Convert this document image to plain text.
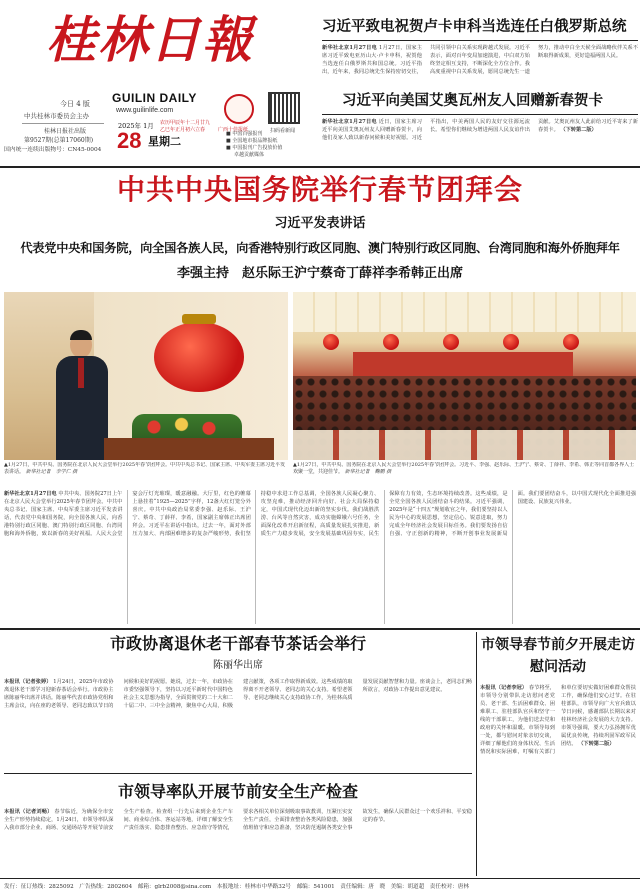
桂林日報
今日 4 版
中共桂林市委员会主办
桂林日报社出版
第9527期(总第17060期)
国内统一连续出版物号：CN45-0004
GUILIN DAILY
www.guilinlife.com
广西十佳报纸	扫码看新闻
2025年 1月
28 星期二
农历甲辰年十二月廿九
乙巳年正月初六立春
■ 中国百强报刊
■ 全国地市报品牌报纸
■ 中国报刊广告投放价值
卓越贡献媒体
习近平致电祝贺卢卡申科当选连任白俄罗斯总统
新华社北京1月27日电 1月27日，国家主席习近平致电亚历山大·卢卡申科，祝贺他当选连任白俄罗斯共和国总统。习近平指出，近年来，我同总统先生保持密切交往，共同引领中白关系实现跨越式发展。习近平表示，面对百年变局加速演进，中白双方始终坚定相互支持，不断深化全方位合作。我高度重视中白关系发展，愿同总统先生一道努力，推动中白全天候全面战略伙伴关系不断取得新成果，更好造福两国人民。
习近平向美国艾奥瓦州友人回赠新春贺卡
新华社北京1月27日电 近日，国家主席习近平向美国艾奥瓦州友人回赠新春贺卡，向他们及家人致以新春问候和美好祝愿。习近平指出，中美两国人民的友好交往源远流长。希望你们继续为增进两国人民友谊作出贡献。艾奥瓦州友人此前给习近平寄来了新春贺卡。 （下转第二版）
中共中央国务院举行春节团拜会
习近平发表讲话
代表党中央和国务院，向全国各族人民，向香港特别行政区同胞、澳门特别行政区同胞、台湾同胞和海外侨胞拜年
李强主持　赵乐际王沪宁蔡奇丁薛祥李希韩正出席
▲1月27日，中共中央、国务院在北京人民大会堂举行2025年春节团拜会。中共中央总书记、国家主席、中央军委主席习近平发表讲话。 新华社记者　李学仁 摄
▲1月27日，中共中央、国务院在北京人民大会堂举行2025年春节团拜会。习近平、李强、赵乐际、王沪宁、蔡奇、丁薛祥、李希、韩正等同首都各界人士欢聚一堂，共迎佳节。 新华社记者　鞠鹏 摄
新华社北京1月27日电 中共中央、国务院27日上午在北京人民大会堂举行2025年春节团拜会。中共中央总书记、国家主席、中央军委主席习近平发表讲话，代表党中央和国务院，向全国各族人民，向香港特别行政区同胞、澳门特别行政区同胞、台湾同胞和海外侨胞，致以新春的美好祝福。人民大会堂宴会厅灯光璀璨，暖意融融。大厅里，红色的帷幕上悬挂着“1925—2025”字样，12盏大红灯笼分外喜庆。中共中央政治局常委李强、赵乐际、王沪宁、蔡奇、丁薛祥、李希，国家副主席韩正出席团拜会。习近平在讲话中指出，过去一年，面对外部压力加大、内部困难增多的复杂严峻形势，我们坚持稳中求进工作总基调，全国各族人民凝心聚力、攻坚克难，推动经济回升向好、社会大局保持稳定，中国式现代化迈出新的坚实步伐。我们战胜洪涝、台风等自然灾害，成功实施嫦娥六号任务，全面深化改革开启新征程，高质量发展扎实推进，新质生产力稳步发展，安全发展基础巩固夯实，民生保障有力有效，生态环境持续改善。这些成绩，是全党全国各族人民团结奋斗的结果。习近平强调，2025年是“十四五”规划收官之年，我们要坚持以人民为中心的发展思想，坚定信心、锐意进取，努力完成全年经济社会发展目标任务。我们要发扬自信自强、守正创新的精神，不断开创事业发展新局面。我们要团结奋斗，以中国式现代化全面推进强国建设、民族复兴伟业。
市政协离退休老干部春节茶话会举行
陈丽华出席
本报讯（记者张婷） 1月24日，2025年市政协离退休老干部学习迎新春茶话会举行。市政协主席陈丽华出席并讲话。陈丽华代表市政协党组和主席会议，向在座的老领导、老同志致以节日的问候和美好的祝愿。她说，过去一年，市政协在市委坚强领导下，坚持以习近平新时代中国特色社会主义思想为指导，全面贯彻党的二十大和二十届二中、三中全会精神，聚焦中心大局，积极建言献策，各项工作取得新成效。这些成绩的取得离不开老领导、老同志的关心支持。希望老领导、老同志继续关心支持政协工作，为桂林高质量发展贡献智慧和力量。座谈会上，老同志们畅所欲言，对政协工作提出意见建议。
市领导率队开展节前安全生产检查
本报讯（记者刘畅） 春节临近，为确保全市安全生产形势持续稳定，1月24日，市领导率队深入我市部分企业、商场、交通场站等开展节前安全生产检查。检查组一行先后来到企业生产车间、商业综合体、客运站等地，详细了解安全生产责任落实、隐患排查整治、应急值守等情况，要求各相关单位深刻吸取事故教训，压紧压实安全生产责任，全面排查整治各类风险隐患，加强值班值守和应急准备，坚决防范遏制各类安全事故发生，确保人民群众过一个欢乐祥和、平安稳定的春节。
市领导春节前夕开展走访慰问活动
本报讯（记者李冠） 春节将至，市领导分别带队走访慰问老党员、老干部、生活困难群众、困难职工、驻桂部队官兵和坚守一线的干部职工，为他们送去党和政府的关怀和温暖。市领导每到一处，都与慰问对象亲切交谈，详细了解他们的身体状况、生活情况和实际困难，叮嘱有关部门和单位要切实做好困难群众帮扶工作，确保他们安心过节。在驻桂部队，市领导向广大官兵致以节日问候，感谢部队长期以来对桂林经济社会发展的大力支持。市领导强调，要大力弘扬拥军优属优良传统，持续巩固军政军民团结。 （下转第二版）
发行：征订热线：2825092　广告热线：2802604　邮箱：glrb2008@sina.com　本报地址：桂林市中华路32号　邮编：541001　责任编辑：唐　晓　美编：胡道超　责任校对：唐林
